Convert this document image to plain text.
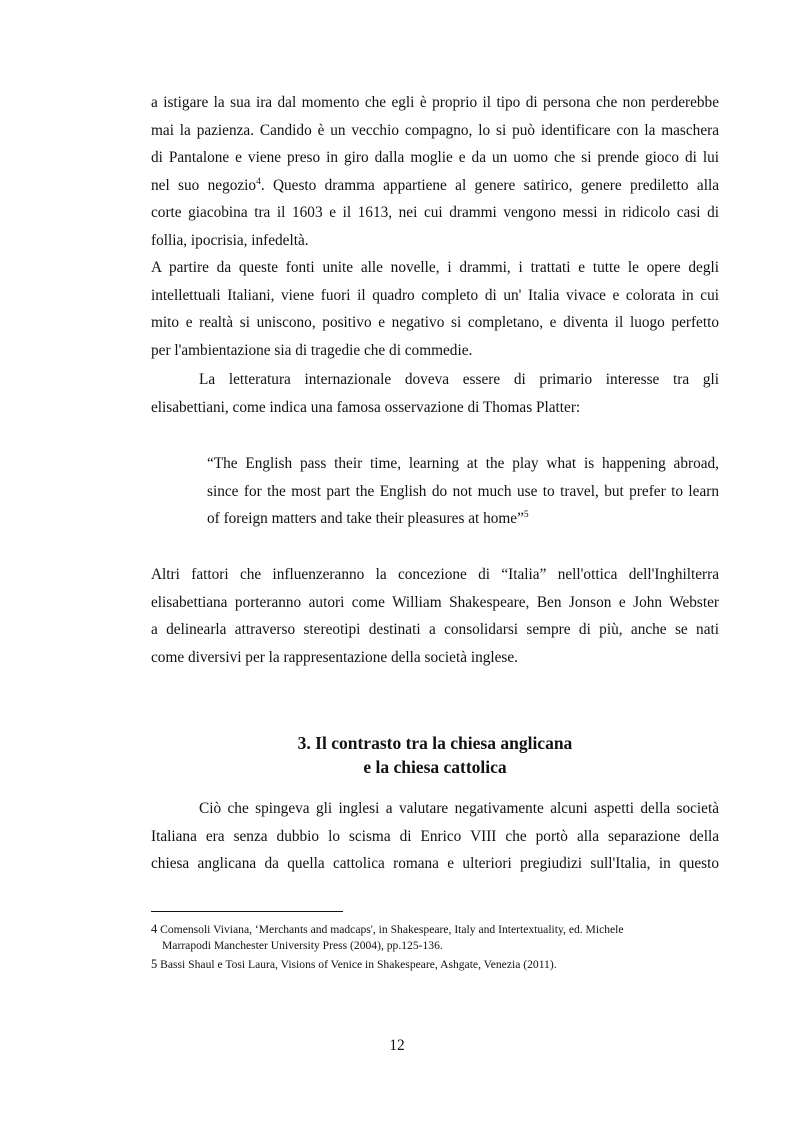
a istigare la sua ira dal momento che egli è proprio il tipo di persona che non perderebbe
mai la pazienza. Candido è un vecchio compagno, lo si può identificare con la maschera
di Pantalone e viene preso in giro dalla moglie e da un uomo che si prende gioco di lui
nel suo negozio$^4$. Questo dramma appartiene al genere satirico, genere prediletto alla
corte giacobina tra il 1603 e il 1613, nei cui drammi vengono messi in ridicolo casi di
follia, ipocrisia, infedeltà.
A partire da queste fonti unite alle novelle, i drammi, i trattati e tutte le opere degli
intellettuali Italiani, viene fuori il quadro completo di un' Italia vivace e colorata in cui
mito e realtà si uniscono, positivo e negativo si completano, e diventa il luogo perfetto
per l'ambientazione sia di tragedie che di commedie.
La letteratura internazionale doveva essere di primario interesse tra gli
elisabettiani, come indica una famosa osservazione di Thomas Platter:
“The English pass their time, learning at the play what is happening abroad,
since for the most part the English do not much use to travel, but prefer to learn
of foreign matters and take their pleasures at home”$^5$
Altri fattori che influenzeranno la concezione di “Italia” nell'ottica dell'Inghilterra
elisabettiana porteranno autori come William Shakespeare, Ben Jonson e John Webster
a delinearla attraverso stereotipi destinati a consolidarsi sempre di più, anche se nati
come diversivi per la rappresentazione della società inglese.
3. Il contrasto tra la chiesa anglicana
e la chiesa cattolica
Ciò che spingeva gli inglesi a valutare negativamente alcuni aspetti della società
Italiana era senza dubbio lo scisma di Enrico VIII che portò alla separazione della
chiesa anglicana da quella cattolica romana e ulteriori pregiudizi sull'Italia, in questo
4 Comensoli Viviana, ‘Merchants and madcaps', in Shakespeare, Italy and Intertextuality, ed. Michele
Marrapodi Manchester University Press (2004), pp.125-136.
5 Bassi Shaul e Tosi Laura, Visions of Venice in Shakespeare, Ashgate, Venezia (2011).
12
